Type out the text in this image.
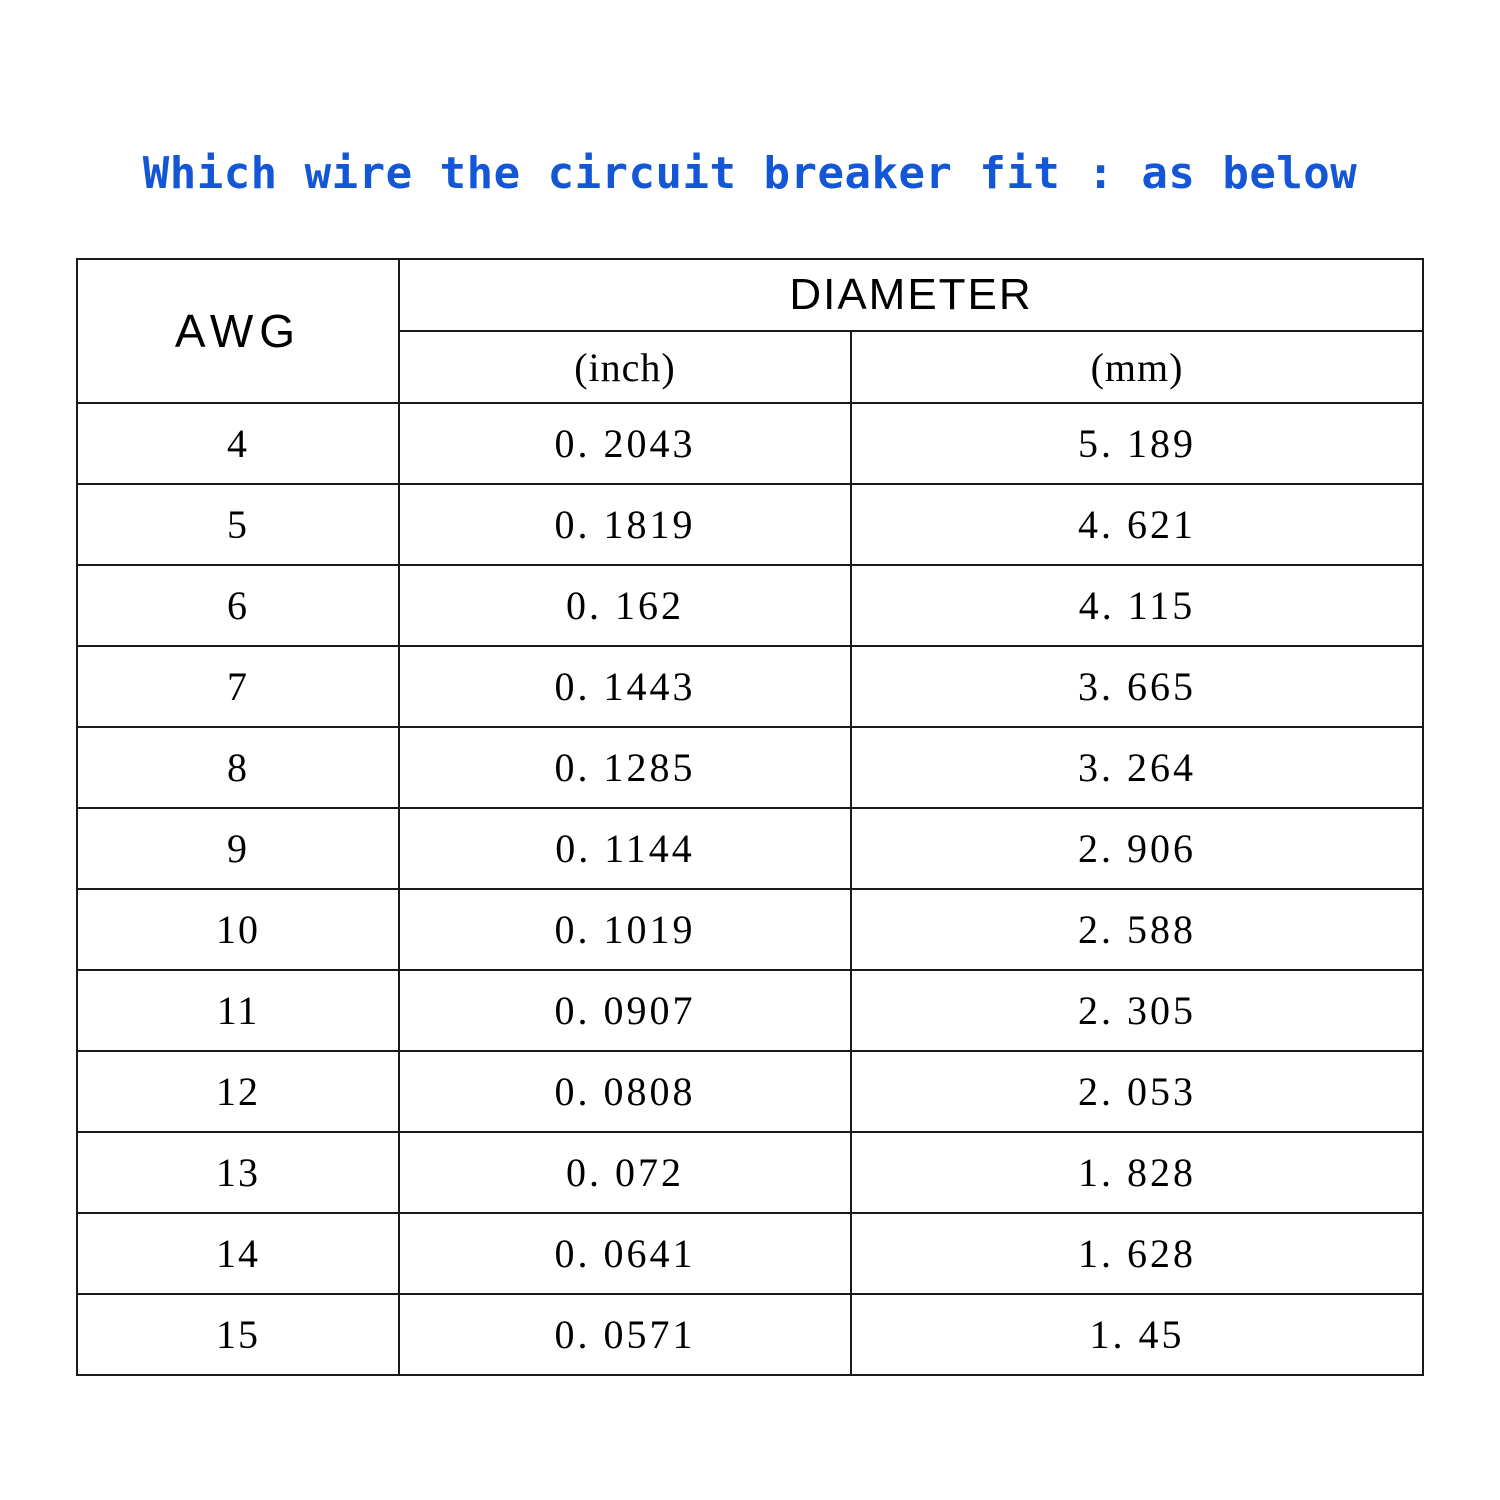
Which wire the circuit breaker fit : as below
AWG	DIAMETER	
	(inch)	(mm)
4	0. 2043	5. 189
5	0. 1819	4. 621
6	0. 162	4. 115
7	0. 1443	3. 665
8	0. 1285	3. 264
9	0. 1144	2. 906
10	0. 1019	2. 588
11	0. 0907	2. 305
12	0. 0808	2. 053
13	0. 072	1. 828
14	0. 0641	1. 628
15	0. 0571	1. 45
